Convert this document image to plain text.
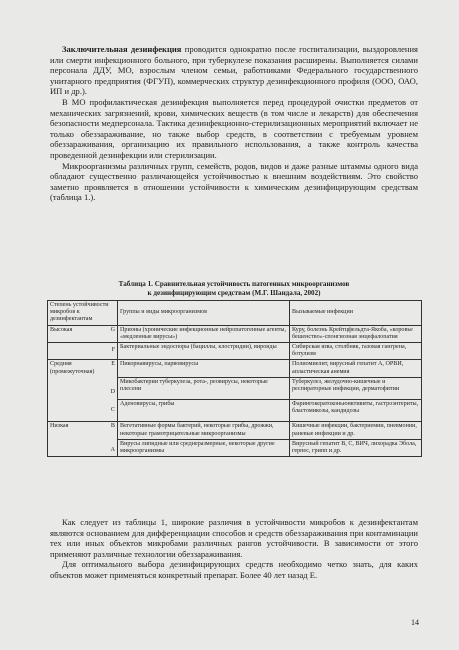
Заключительная дезинфекция проводится однократно после госпитализации, выздоровления или смерти инфекционного больного, при туберкулезе показания расширены. Выполняется силами персонала ДДУ, МО, взрослым членом семьи, работниками Федерального государственного унитарного предприятия (ФГУП), коммерческих структур дезинфекционного профиля (ООО, ОАО, ИП и др.).

В МО профилактическая дезинфекция выполняется перед процедурой очистки предметов от механических загрязнений, крови, химических веществ (в том числе и лекарств) для обеспечения безопасности медперсонала. Тактика дезинфекционно-стерилизационных мероприятий включает не только обеззараживание, но также выбор средств, в соответствии с требуемым уровнем обеззараживания, организацию их правильного использования, а также контроль качества проведенной дезинфекции или стерилизации.

Микроорганизмы различных групп, семейств, родов, видов и даже разные штаммы одного вида обладают существенно различающейся устойчивостью к внешним воздействиям. Это свойство заметно проявляется в отношении устойчивости к химическим дезинфицирующим средствам (таблица 1.).

Таблица 1. Сравнительная устойчивость патогенных микроорганизмов
к дезинфицирующим средствам (М.Г. Шандала, 2002)
Степень устойчивости микробов к дезинфектантам	Группы и виды микроорганизмов	Вызываемые инфекции
Высокая G	Прионы (хронические инфекционные нейропатогенные агенты, «медленные вирусы»)	Куру, болезнь Крейтцфельдта-Якоба, «коровье бешенство»-спонгиозная энцефалопатия

F	Бактериальные эндоспоры (бациллы, клостридии), вироиды	Сибирская язва, столбняк, газовая гангрена, ботулизм
Средняя (промежуточная)
E	Пикорнавирусы, парвовирусы	Полиомиелит, вирусный гепатит А, ОРВИ, апластическая анемия

D	Микобактерии туберкулеза, рота-, реовирусы, некоторые плесени	Туберкулез, желудочно-кишечные и респираторные инфекции, дерматофитии

C	Аденовирусы, грибы	Фарингокератоконьюнктивиты, гастроэнтериты, бластомикозы, кандидозы
Низкая B	Вегетативные формы бактерий, некоторые грибы, дрожжи, некоторые грамотрицательные микроорганизмы	Кишечные инфекции, бактериемии, пневмонии, раневые инфекции и др.

A	Вирусы липидные или среднеразмерные, некоторые другие микроорганизмы	Вирусный гепатит В, С, ВИЧ, лихорадка Эбола, герпес, грипп и др.

Как следует из таблицы 1, широкие различия в устойчивости микробов к дезинфектантам являются основанием для дифференциации способов и средств обеззараживания при контаминации тех или иных объектов микробами различных рангов устойчивости. В зависимости от этого применяют различные технологии обеззараживания.

Для оптимального выбора дезинфицирующих средств необходимо четко знать, для каких объектов может применяться конкретный препарат. Более 40 лет назад Е.

14
